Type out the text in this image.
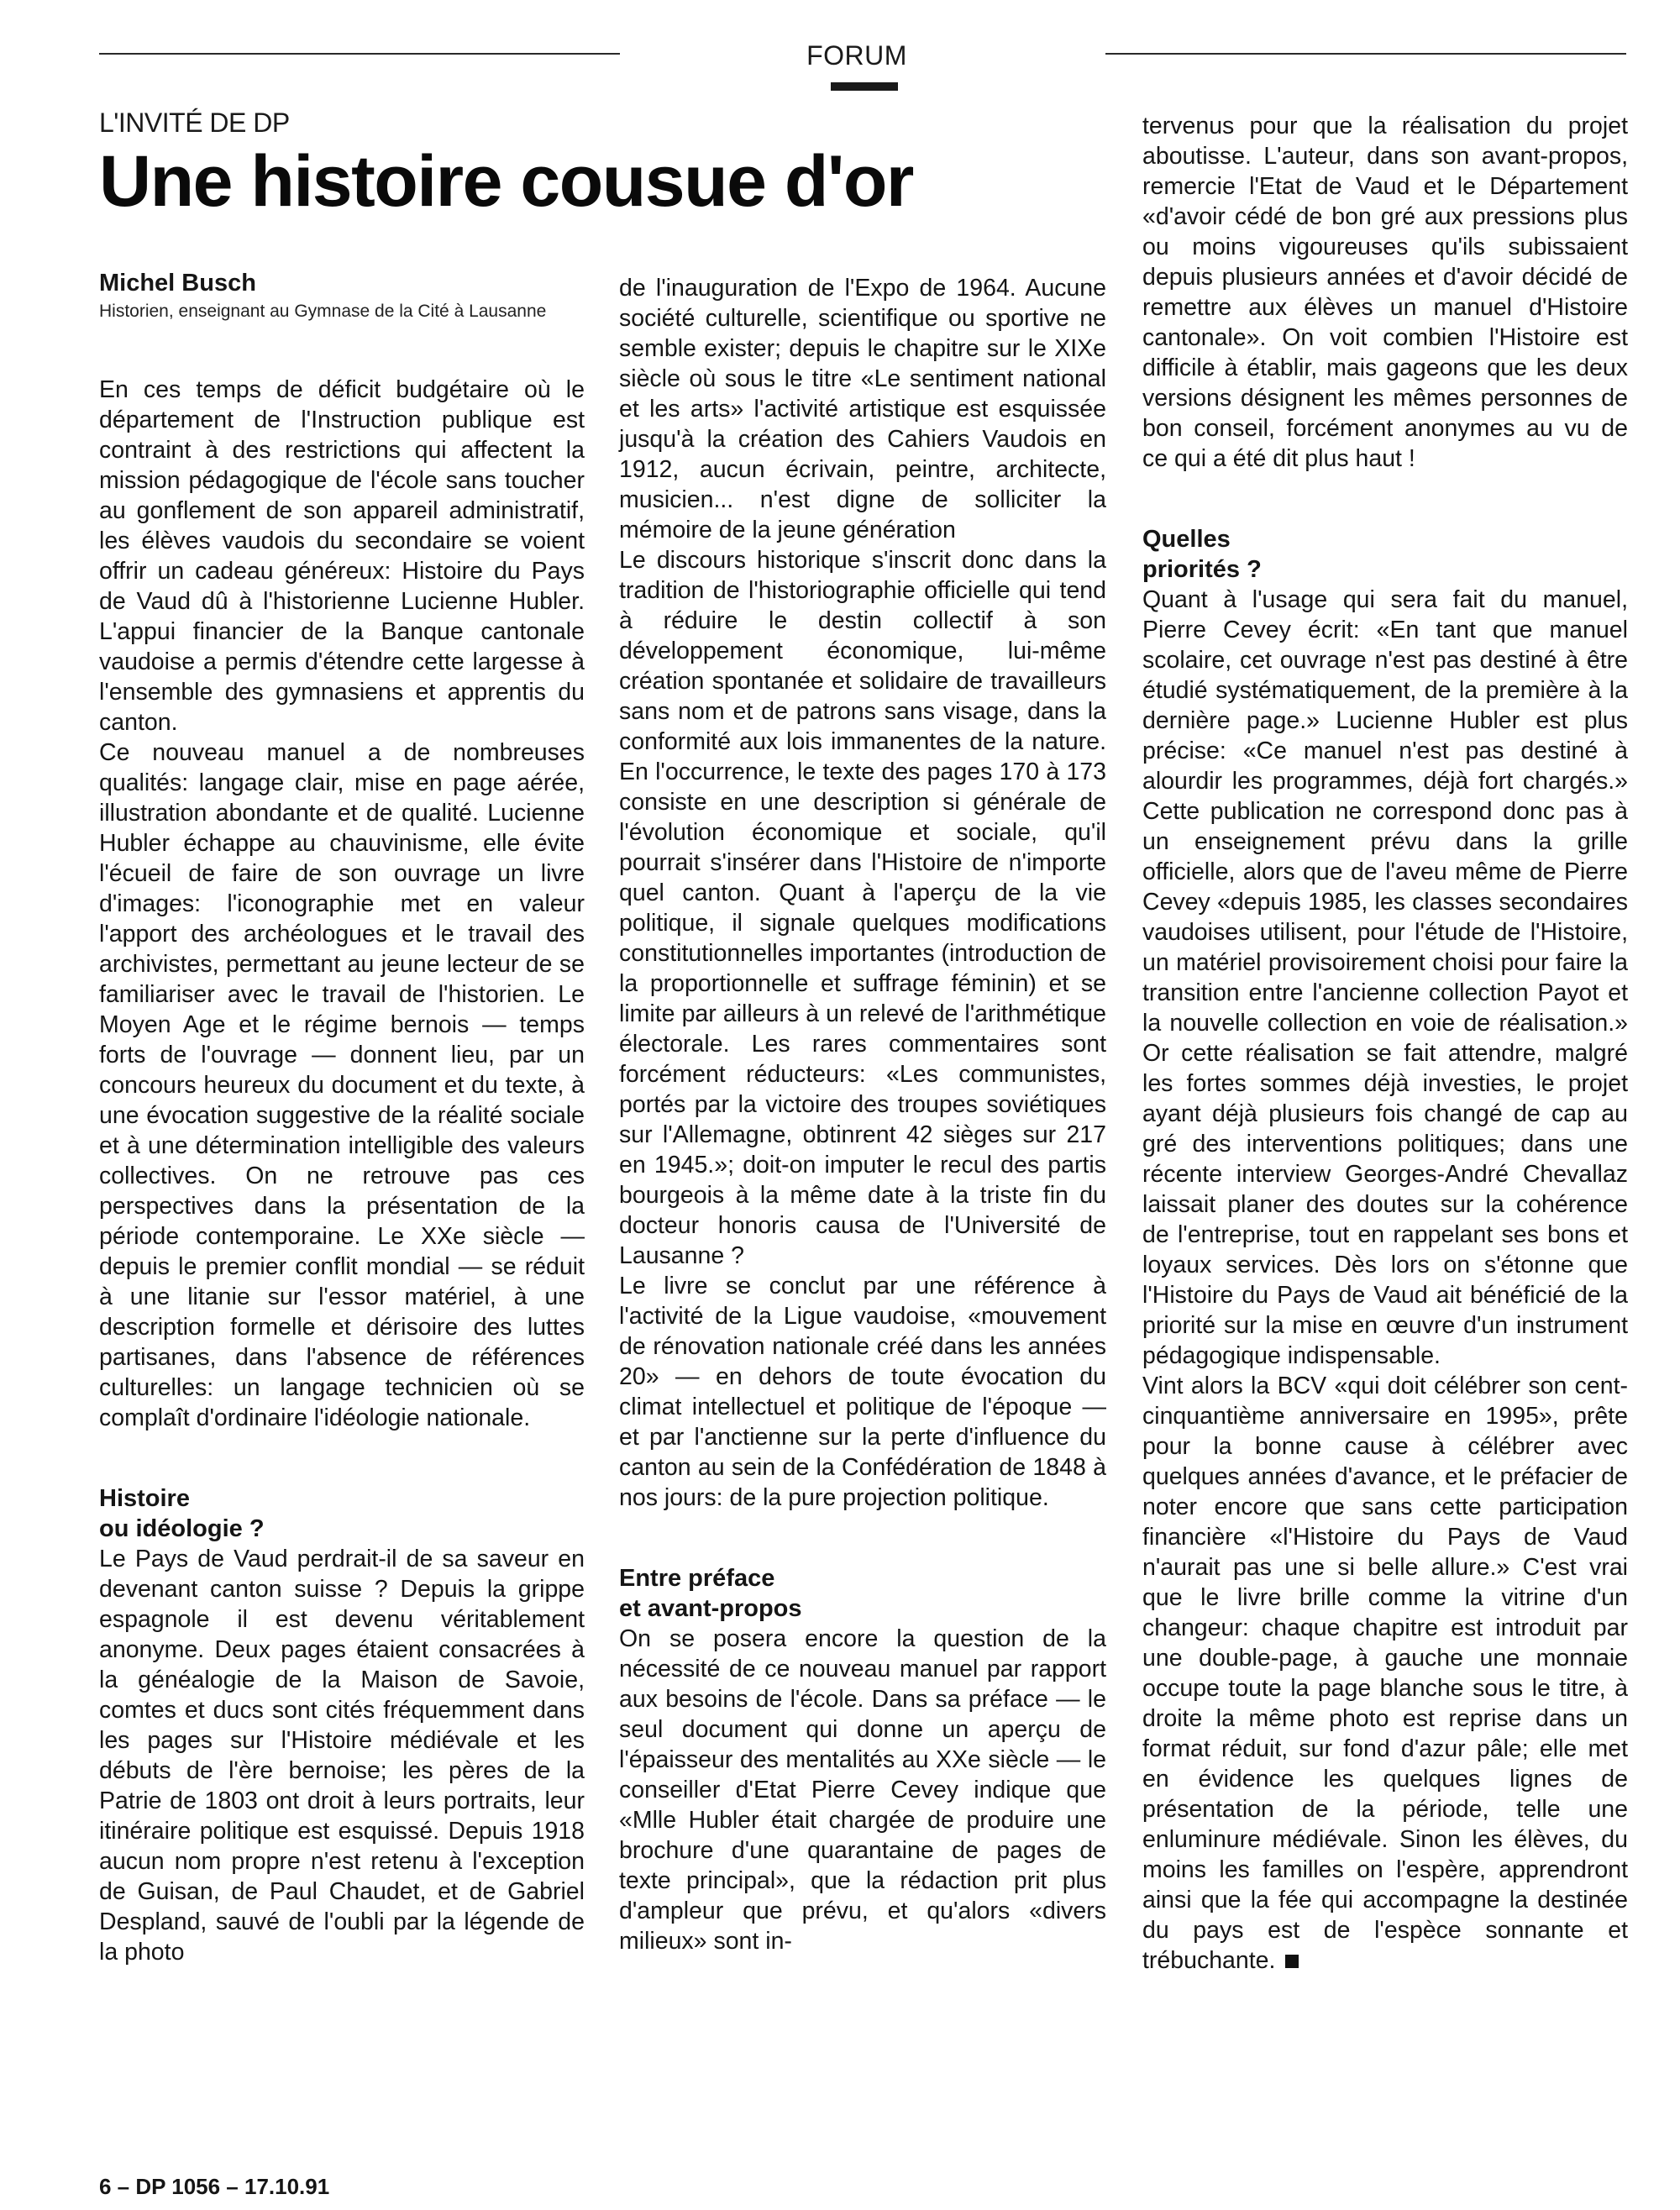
FORUM
L'INVITÉ DE DP
Une histoire cousue d'or
Michel Busch
Historien, enseignant au Gymnase de la Cité à Lausanne

En ces temps de déficit budgétaire où le département de l'Instruction publique est contraint à des restrictions qui affectent la mission pédagogique de l'école sans toucher au gonflement de son appareil administratif, les élèves vaudois du secondaire se voient offrir un cadeau généreux: Histoire du Pays de Vaud dû à l'historienne Lucienne Hubler. L'appui financier de la Banque cantonale vaudoise a permis d'étendre cette largesse à l'ensemble des gymnasiens et apprentis du canton.

Ce nouveau manuel a de nombreuses qualités: langage clair, mise en page aérée, illustration abondante et de qualité. Lucienne Hubler échappe au chauvinisme, elle évite l'écueil de faire de son ouvrage un livre d'images: l'iconographie met en valeur l'apport des archéologues et le travail des archivistes, permettant au jeune lecteur de se familiariser avec le travail de l'historien. Le Moyen Age et le régime bernois — temps forts de l'ouvrage — donnent lieu, par un concours heureux du document et du texte, à une évocation suggestive de la réalité sociale et à une détermination intelligible des valeurs collectives. On ne retrouve pas ces perspectives dans la présentation de la période contemporaine. Le XXe siècle — depuis le premier conflit mondial — se réduit à une litanie sur l'essor matériel, à une description formelle et dérisoire des luttes partisanes, dans l'absence de références culturelles: un langage technicien où se complaît d'ordinaire l'idéologie nationale.

Histoire
ou idéologie ?

Le Pays de Vaud perdrait-il de sa saveur en devenant canton suisse ? Depuis la grippe espagnole il est devenu véritablement anonyme. Deux pages étaient consacrées à la généalogie de la Maison de Savoie, comtes et ducs sont cités fréquemment dans les pages sur l'Histoire médiévale et les débuts de l'ère bernoise; les pères de la Patrie de 1803 ont droit à leurs portraits, leur itinéraire politique est esquissé. Depuis 1918 aucun nom propre n'est retenu à l'exception de Guisan, de Paul Chaudet, et de Gabriel Despland, sauvé de l'oubli par la légende de la photo

de l'inauguration de l'Expo de 1964. Aucune société culturelle, scientifique ou sportive ne semble exister; depuis le chapitre sur le XIXe siècle où sous le titre «Le sentiment national et les arts» l'activité artistique est esquissée jusqu'à la création des Cahiers Vaudois en 1912, aucun écrivain, peintre, architecte, musicien... n'est digne de solliciter la mémoire de la jeune génération

Le discours historique s'inscrit donc dans la tradition de l'historiographie officielle qui tend à réduire le destin collectif à son développement économique, lui-même création spontanée et solidaire de travailleurs sans nom et de patrons sans visage, dans la conformité aux lois immanentes de la nature. En l'occurrence, le texte des pages 170 à 173 consiste en une description si générale de l'évolution économique et sociale, qu'il pourrait s'insérer dans l'Histoire de n'importe quel canton. Quant à l'aperçu de la vie politique, il signale quelques modifications constitutionnelles importantes (introduction de la proportionnelle et suffrage féminin) et se limite par ailleurs à un relevé de l'arithmétique électorale. Les rares commentaires sont forcément réducteurs: «Les communistes, portés par la victoire des troupes soviétiques sur l'Allemagne, obtinrent 42 sièges sur 217 en 1945.»; doit-on imputer le recul des partis bourgeois à la même date à la triste fin du docteur honoris causa de l'Université de Lausanne ?

Le livre se conclut par une référence à l'activité de la Ligue vaudoise, «mouvement de rénovation nationale créé dans les années 20» — en dehors de toute évocation du climat intellectuel et politique de l'époque — et par l'anctienne sur la perte d'influence du canton au sein de la Confédération de 1848 à nos jours: de la pure projection politique.

Entre préface
et avant-propos

On se posera encore la question de la nécessité de ce nouveau manuel par rapport aux besoins de l'école. Dans sa préface — le seul document qui donne un aperçu de l'épaisseur des mentalités au XXe siècle — le conseiller d'Etat Pierre Cevey indique que «Mlle Hubler était chargée de produire une brochure d'une quarantaine de pages de texte principal», que la rédaction prit plus d'ampleur que prévu, et qu'alors «divers milieux» sont in-

tervenus pour que la réalisation du projet aboutisse. L'auteur, dans son avant-propos, remercie l'Etat de Vaud et le Département «d'avoir cédé de bon gré aux pressions plus ou moins vigoureuses qu'ils subissaient depuis plusieurs années et d'avoir décidé de remettre aux élèves un manuel d'Histoire cantonale». On voit combien l'Histoire est difficile à établir, mais gageons que les deux versions désignent les mêmes personnes de bon conseil, forcément anonymes au vu de ce qui a été dit plus haut !

Quelles
priorités ?

Quant à l'usage qui sera fait du manuel, Pierre Cevey écrit: «En tant que manuel scolaire, cet ouvrage n'est pas destiné à être étudié systématiquement, de la première à la dernière page.» Lucienne Hubler est plus précise: «Ce manuel n'est pas destiné à alourdir les programmes, déjà fort chargés.» Cette publication ne correspond donc pas à un enseignement prévu dans la grille officielle, alors que de l'aveu même de Pierre Cevey «depuis 1985, les classes secondaires vaudoises utilisent, pour l'étude de l'Histoire, un matériel provisoirement choisi pour faire la transition entre l'ancienne collection Payot et la nouvelle collection en voie de réalisation.» Or cette réalisation se fait attendre, malgré les fortes sommes déjà investies, le projet ayant déjà plusieurs fois changé de cap au gré des interventions politiques; dans une récente interview Georges-André Chevallaz laissait planer des doutes sur la cohérence de l'entreprise, tout en rappelant ses bons et loyaux services. Dès lors on s'étonne que l'Histoire du Pays de Vaud ait bénéficié de la priorité sur la mise en œuvre d'un instrument pédagogique indispensable.

Vint alors la BCV «qui doit célébrer son cent-cinquantième anniversaire en 1995», prête pour la bonne cause à célébrer avec quelques années d'avance, et le préfacier de noter encore que sans cette participation financière «l'Histoire du Pays de Vaud n'aurait pas une si belle allure.» C'est vrai que le livre brille comme la vitrine d'un changeur: chaque chapitre est introduit par une double-page, à gauche une monnaie occupe toute la page blanche sous le titre, à droite la même photo est reprise dans un format réduit, sur fond d'azur pâle; elle met en évidence les quelques lignes de présentation de la période, telle une enluminure médiévale. Sinon les élèves, du moins les familles on l'espère, apprendront ainsi que la fée qui accompagne la destinée du pays est de l'espèce sonnante et trébuchante.

6 – DP 1056 – 17.10.91
